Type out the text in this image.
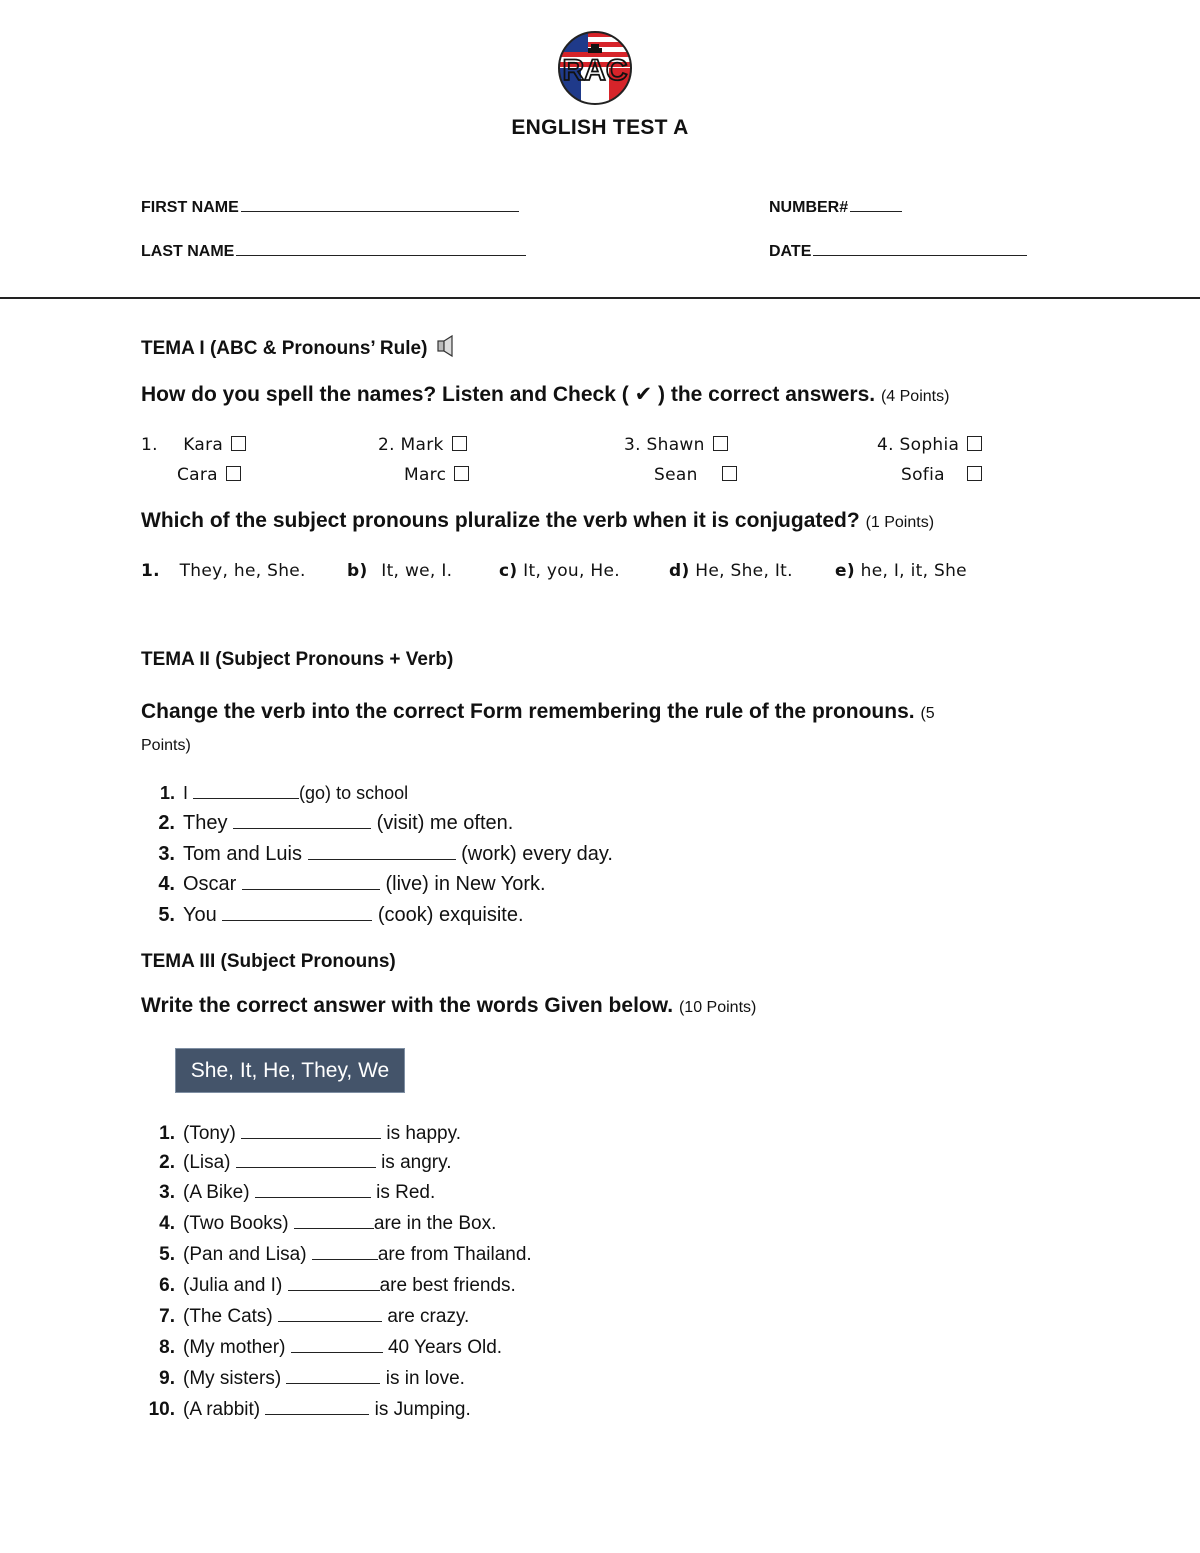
RAC
ENGLISH TEST A
FIRST NAME	NUMBER#
LAST NAME	DATE
TEMA I (ABC & Pronouns’ Rule)
How do you spell the names? Listen and Check ( ✔ ) the correct answers. (4 Points)
1. Kara
Cara
2. Mark
Marc
3. Shawn
Sean
4. Sophia
Sofia
Which of the subject pronouns pluralize the verb when it is conjugated? (1 Points)
1. They, he, She. b) It, we, I.	c) It, you, He.	d) He, She, It. e) he, I, it, She
TEMA II (Subject Pronouns + Verb)
Change the verb into the correct Form remembering the rule of the pronouns. (5
Points)
1. I	(go) to school
2. They	(visit) me often.
3. Tom and Luis	(work) every day.
4. Oscar	(live) in New York.
5. You	(cook) exquisite.
TEMA III (Subject Pronouns)
Write the correct answer with the words Given below. (10 Points)
She, It, He, They, We
1. (Tony)	is happy.
2. (Lisa)	is angry.
3. (A Bike)	is Red.
4. (Two Books)	are in the Box.
5. (Pan and Lisa)	are from Thailand.
6. (Julia and I)	are best friends.
7. (The Cats)	are crazy.
8. (My mother)	40 Years Old.
9. (My sisters)	is in love.
10. (A rabbit)	is Jumping.
